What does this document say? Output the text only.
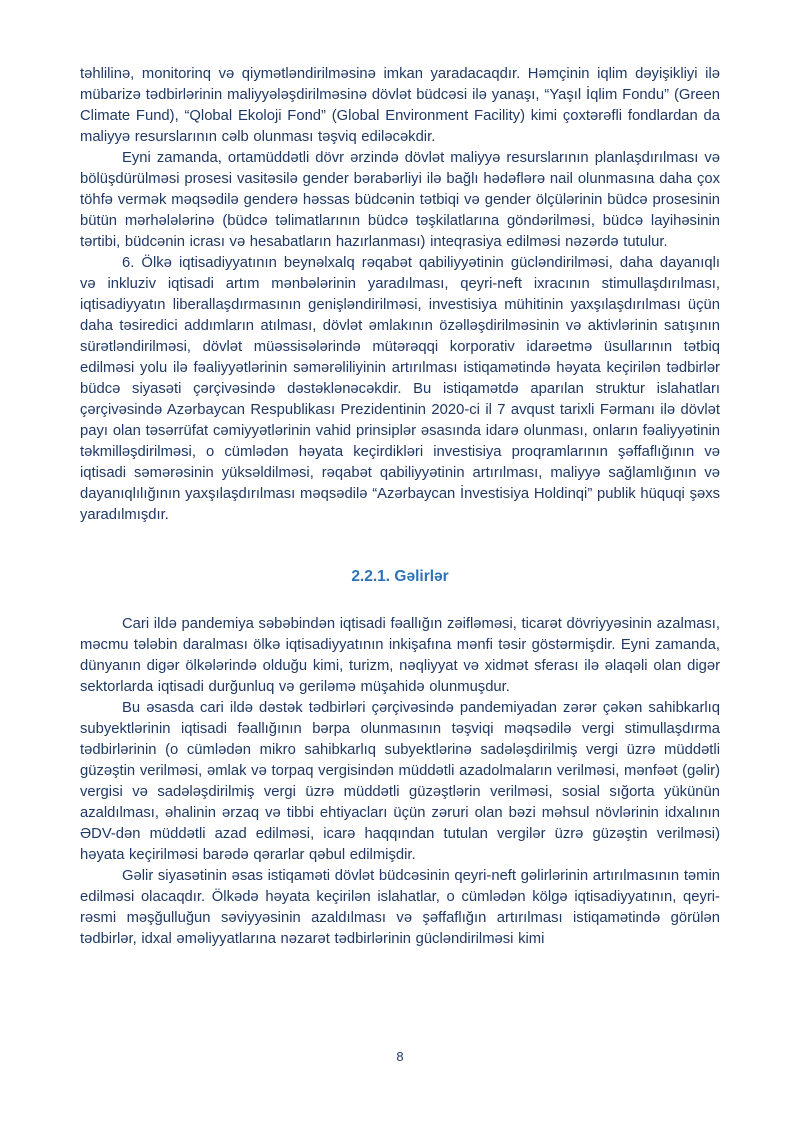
təhlilinə, monitorinq və qiymətləndirilməsinə imkan yaradacaqdır. Həmçinin iqlim dəyişikliyi ilə mübarizə tədbirlərinin maliyyələşdirilməsinə dövlət büdcəsi ilə yanaşı, “Yaşıl İqlim Fondu” (Green Climate Fund), “Qlobal Ekoloji Fond” (Global Environment Facility) kimi çoxtərəfli fondlardan da maliyyə resurslarının cəlb olunması təşviq ediləcəkdir.

Eyni zamanda, ortamüddətli dövr ərzində dövlət maliyyə resurslarının planlaşdırılması və bölüşdürülməsi prosesi vasitəsilə gender bərabərliyi ilə bağlı hədəflərə nail olunmasına daha çox töhfə vermək məqsədilə genderə həssas büdcənin tətbiqi və gender ölçülərinin büdcə prosesinin bütün mərhələlərinə (büdcə təlimatlarının büdcə təşkilatlarına göndərilməsi, büdcə layihəsinin tərtibi, büdcənin icrası və hesabatların hazırlanması) inteqrasiya edilməsi nəzərdə tutulur.

6. Ölkə iqtisadiyyatının beynəlxalq rəqabət qabiliyyətinin gücləndirilməsi, daha dayanıqlı və inkluziv iqtisadi artım mənbələrinin yaradılması, qeyri-neft ixracının stimullaşdırılması, iqtisadiyyatın liberallaşdırmasının genişləndirilməsi, investisiya mühitinin yaxşılaşdırılması üçün daha təsiredici addımların atılması, dövlət əmlakının özəlləşdirilməsinin və aktivlərinin satışının sürətləndirilməsi, dövlət müəssisələrində mütərəqqi korporativ idarəetmə üsullarının tətbiq edilməsi yolu ilə fəaliyyətlərinin səmərəliliyinin artırılması istiqamətində həyata keçirilən tədbirlər büdcə siyasəti çərçivəsində dəstəklənəcəkdir. Bu istiqamətdə aparılan struktur islahatları çərçivəsində Azərbaycan Respublikası Prezidentinin 2020-ci il 7 avqust tarixli Fərmanı ilə dövlət payı olan təsərrüfat cəmiyyətlərinin vahid prinsiplər əsasında idarə olunması, onların fəaliyyətinin təkmilləşdirilməsi, o cümlədən həyata keçirdikləri investisiya proqramlarının şəffaflığının və iqtisadi səmərəsinin yüksəldilməsi, rəqabət qabiliyyətinin artırılması, maliyyə sağlamlığının və dayanıqlılığının yaxşılaşdırılması məqsədilə “Azərbaycan İnvestisiya Holdinqi” publik hüquqi şəxs yaradılmışdır.

2.2.1. Gəlirlər

Cari ildə pandemiya səbəbindən iqtisadi fəallığın zəifləməsi, ticarət dövriyyəsinin azalması, məcmu tələbin daralması ölkə iqtisadiyyatının inkişafına mənfi təsir göstərmişdir. Eyni zamanda, dünyanın digər ölkələrində olduğu kimi, turizm, nəqliyyat və xidmət sferası ilə əlaqəli olan digər sektorlarda iqtisadi durğunluq və geriləmə müşahidə olunmuşdur.

Bu əsasda cari ildə dəstək tədbirləri çərçivəsində pandemiyadan zərər çəkən sahibkarlıq subyektlərinin iqtisadi fəallığının bərpa olunmasının təşviqi məqsədilə vergi stimullaşdırma tədbirlərinin (o cümlədən mikro sahibkarlıq subyektlərinə sadələşdirilmiş vergi üzrə müddətli güzəştin verilməsi, əmlak və torpaq vergisindən müddətli azadolmaların verilməsi, mənfəət (gəlir) vergisi və sadələşdirilmiş vergi üzrə müddətli güzəştlərin verilməsi, sosial sığorta yükünün azaldılması, əhalinin ərzaq və tibbi ehtiyacları üçün zəruri olan bəzi məhsul növlərinin idxalının ƏDV-dən müddətli azad edilməsi, icarə haqqından tutulan vergilər üzrə güzəştin verilməsi) həyata keçirilməsi barədə qərarlar qəbul edilmişdir.

Gəlir siyasətinin əsas istiqaməti dövlət büdcəsinin qeyri-neft gəlirlərinin artırılmasının təmin edilməsi olacaqdır. Ölkədə həyata keçirilən islahatlar, o cümlədən kölgə iqtisadiyyatının, qeyri-rəsmi məşğulluğun səviyyəsinin azaldılması və şəffaflığın artırılması istiqamətində görülən tədbirlər, idxal əməliyyatlarına nəzarət tədbirlərinin gücləndirilməsi kimi

8
